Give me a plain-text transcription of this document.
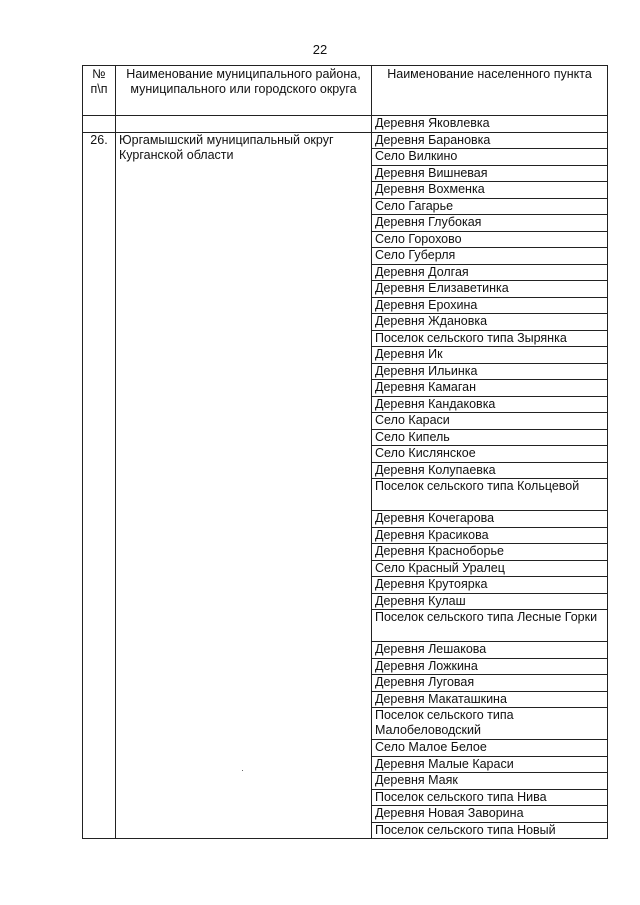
22
№ п\п	Наименование муниципального района, муниципального или городского округа	Наименование населенного пункта
		Деревня Яковлевка
26.	Юргамышский муниципальный округ Курганской области	Деревня Барановка
		Село Вилкино
		Деревня Вишневая
		Деревня Вохменка
		Село Гагарье
		Деревня Глубокая
		Село Горохово
		Село Губерля
		Деревня Долгая
		Деревня Елизаветинка
		Деревня Ерохина
		Деревня Ждановка
		Поселок сельского типа Зырянка
		Деревня Ик
		Деревня Ильинка
		Деревня Камаган
		Деревня Кандаковка
		Село Караси
		Село Кипель
		Село Кислянское
		Деревня Колупаевка
		Поселок сельского типа Кольцевой
		Деревня Кочегарова
		Деревня Красикова
		Деревня Красноборье
		Село Красный Уралец
		Деревня Крутоярка
		Деревня Кулаш
		Поселок сельского типа Лесные Горки
		Деревня Лешакова
		Деревня Ложкина
		Деревня Луговая
		Деревня Макаташкина
		Поселок сельского типа Малобеловодский
		Село Малое Белое
		Деревня Малые Караси
		Деревня Маяк
		Поселок сельского типа Нива
		Деревня Новая Заворина
		Поселок сельского типа Новый
